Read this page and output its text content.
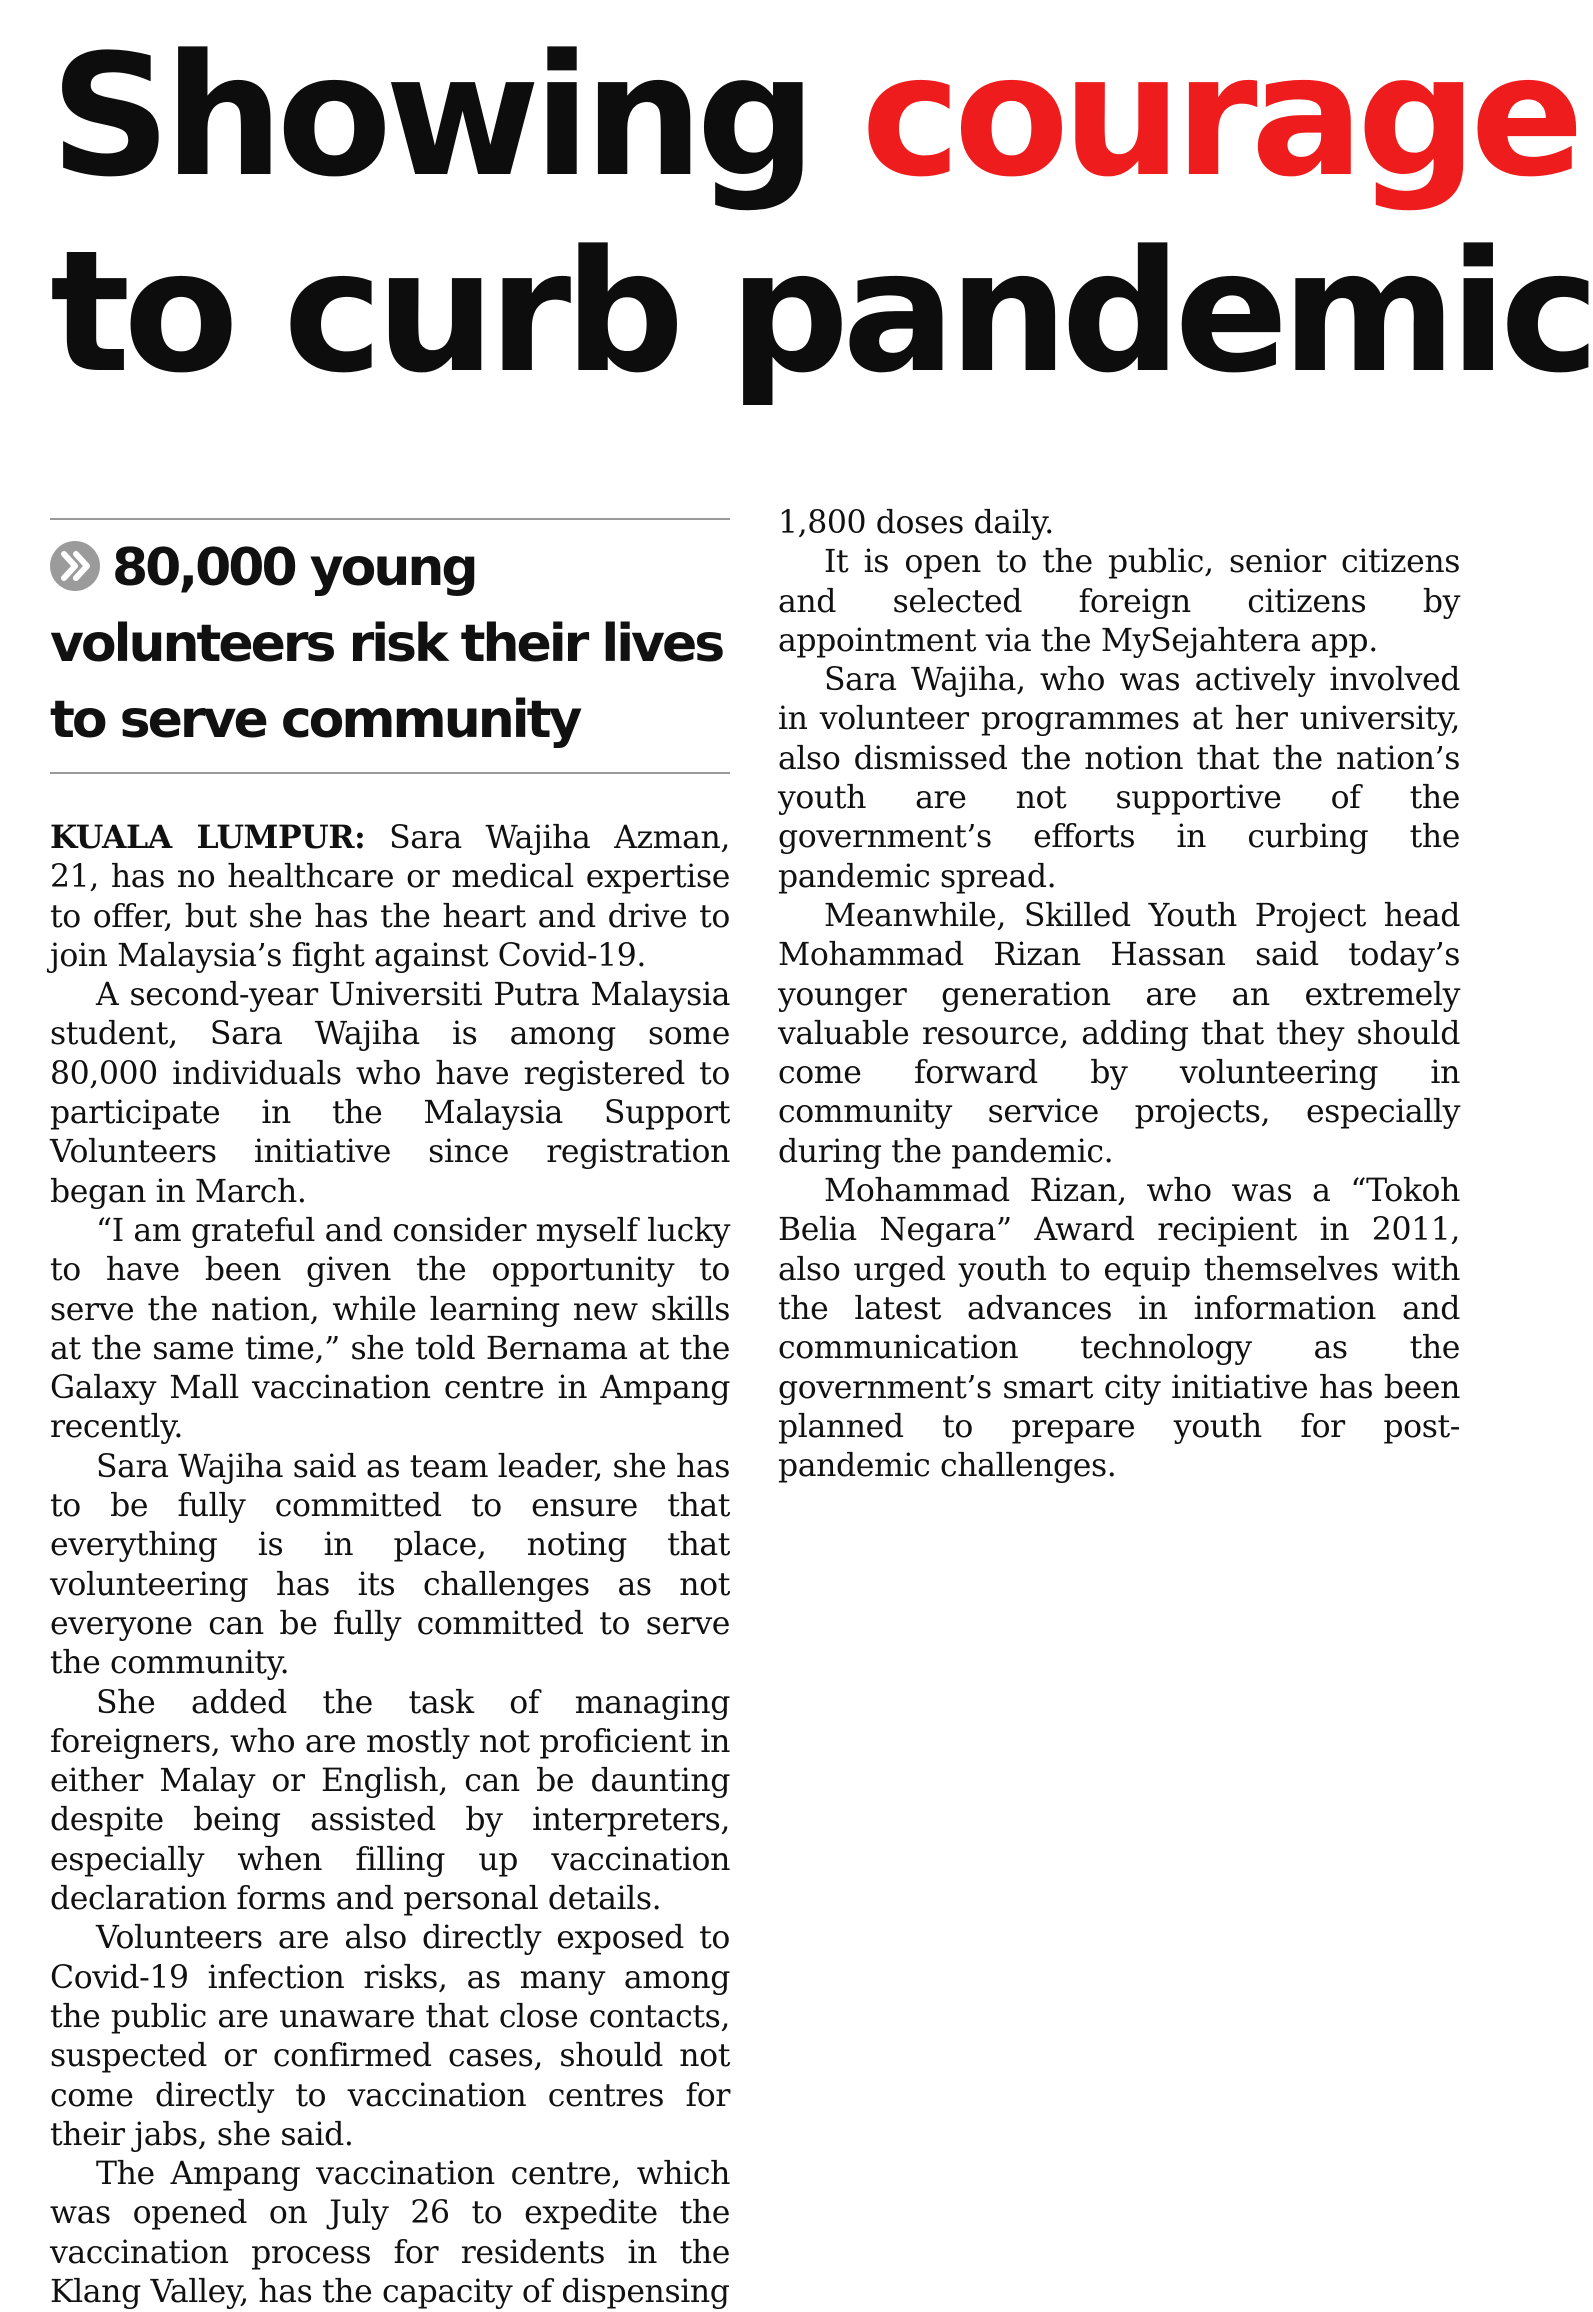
Showing courage
to curb pandemic
80,000 young volunteers risk their lives to serve community

KUALA LUMPUR: Sara Wajiha Azman, 21, has no healthcare or medical expertise to offer, but she has the heart and drive to join Malaysia’s fight against Covid-19.

A second-year Universiti Putra Malaysia student, Sara Wajiha is among some 80,000 individuals who have registered to participate in the Malaysia Support Volunteers initiative since registration began in March.

“I am grateful and consider myself lucky to have been given the opportunity to serve the nation, while learning new skills at the same time,” she told Bernama at the Galaxy Mall vaccination centre in Ampang recently.

Sara Wajiha said as team leader, she has to be fully committed to ensure that everything is in place, noting that volunteering has its challenges as not everyone can be fully committed to serve the community.

She added the task of managing foreigners, who are mostly not proficient in either Malay or English, can be daunting despite being assisted by interpreters, especially when filling up vaccination declaration forms and personal details.

Volunteers are also directly exposed to Covid-19 infection risks, as many among the public are unaware that close contacts, suspected or confirmed cases, should not come directly to vaccination centres for their jabs, she said.

The Ampang vaccination centre, which was opened on July 26 to expedite the vaccination process for residents in the Klang Valley, has the capacity of dispensing

1,800 doses daily.

It is open to the public, senior citizens and selected foreign citizens by appointment via the MySejahtera app.

Sara Wajiha, who was actively involved in volunteer programmes at her university, also dismissed the notion that the nation’s youth are not supportive of the government’s efforts in curbing the pandemic spread.

Meanwhile, Skilled Youth Project head Mohammad Rizan Hassan said today’s younger generation are an extremely valuable resource, adding that they should come forward by volunteering in community service projects, especially during the pandemic.

Mohammad Rizan, who was a “Tokoh Belia Negara” Award recipient in 2011, also urged youth to equip themselves with the latest advances in information and communication technology as the government’s smart city initiative has been planned to prepare youth for post-pandemic challenges.
